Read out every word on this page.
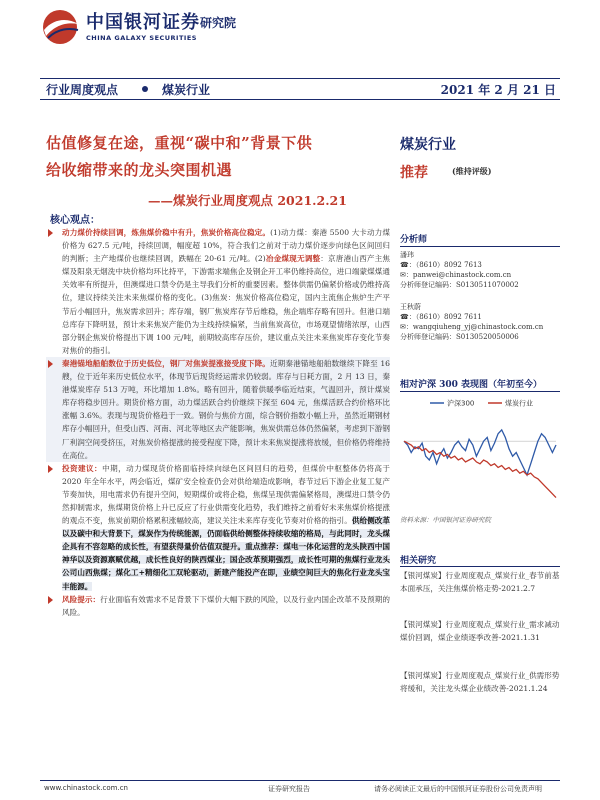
中国银河证券 研究院
CHINA GALAXY SECURITIES
行业周度观点	煤炭行业	2021 年 2 月 21 日
估值修复在途，重视“碳中和”背景下供
给收缩带来的龙头突围机遇
——煤炭行业周度观点 2021.2.21
核心观点：

动力煤价持续回调，炼焦煤价稳中有升，焦炭价格高位稳定。(1)动力煤：秦港 5500 大卡动力煤价格为 627.5 元/吨，持续回调，幅度超 10%，符合我们之前对于动力煤价逐步向绿色区间回归的判断；主产地煤价也继续回调，跌幅在 20-61 元/吨。(2)冶金煤现无调整：京唐港山西产主焦煤及阳泉无烟洗中块价格均环比持平，下游需求端焦企及钢企开工率仍维持高位，进口端蒙煤煤通关效率有所提升，但澳煤进口禁令仍是主导我们分析的重要因素。整体供需仍偏紧价格或仍维持高位，建议持续关注未来焦煤价格的变化。(3)焦炭：焦炭价格高位稳定，国内主流焦企焦炉生产平节后小幅回升，焦炭需求回升；库存端，钢厂焦炭库存节后维稳，焦企端库存略有回升。但港口端总库存下降明显，预计未来焦炭产能仍为主线持续偏紧，当前焦炭高位，市场观望情绪浓厚，山西部分钢企焦炭价格提出下调 100 元/吨，前期较高库存压价，建议重点关注未来焦炭库存变化节奏对焦价的指引。

秦港锚地船舶数位于历史低位，钢厂对焦炭提涨接受度下降。近期秦港锚地船舶数继续下降至 16 艘，位于近年来历史低位水平，体现节后现货经运需求仍较弱。库存与日耗方面，2 月 13 日，秦港煤炭库存 513 万吨，环比增加 1.8%。略有回升，随着供暖季临近结束，气温回升，预计煤炭库存将稳步回升。期货价格方面，动力煤活跃合约价继续下探至 604 元，焦煤活跃合约价格环比涨幅 3.6%。表现与现货价格趋于一致。钢价与焦价方面，综合钢价指数小幅上升，虽然近期钢材库存小幅回升，但受山西、河南、河北等地区去产能影响，焦炭供需总体仍然偏紧，考虑到下游钢厂利润空间受挤压，对焦炭价格提涨的接受程度下降，预计未来焦炭提涨将放缓，但价格仍将维持在高位。

投资建议：中期，动力煤现货价格面临持续向绿色区间回归的趋势，但煤价中枢整体仍将高于 2020 年全年水平，两会临近，煤矿安全检查仍会对供给端造成影响，春节过后下游企业复工复产节奏加快，用电需求仍有提升空间，短期煤价或将企稳，焦煤呈现供需偏紧格局，澳煤进口禁令仍然抑制需求，焦煤期货价格上升已反应了行业供需变化趋势，我们维持之前看好未来焦煤价格提涨的观点不变，焦炭前期价格累积涨幅较高，建议关注未来库存变化节奏对价格的指引。供给侧改革以及碳中和大背景下，煤炭作为传统能源，仍面临供给侧整体持续收缩的格局，与此同时，龙头煤企具有不容忽略的成长性，有望获得量价估值双提升。重点推荐：煤电一体化运营的龙头陕西中国神华以及资源禀赋优越，成长性良好的陕西煤业；国企改革预期强烈，成长性可期的焦煤行业龙头公司山西焦煤；煤化工+精细化工双轮驱动，新建产能投产在即，业绩空间巨大的焦化行业龙头宝丰能源。

风险提示：行业面临有效需求不足背景下下煤价大幅下跌的风险，以及行业内国企改革不及预期的风险。

煤炭行业
推荐	(维持评级)
分析师
潘玮
☎：（8610）8092 7613
✉：panwei@chinastock.com.cn
分析师登记编码：S0130511070002
王秋蔚
☎：（8610）8092 7611
✉：wangqiuheng_yj@chinastock.com.cn
分析师登记编码：S0130520050006
相对沪深 300 表现图（年初至今）
沪深300	煤炭行业
资料来源：中国银河证券研究院
相关研究
【银河煤炭】行业周度观点_煤炭行业_春节前基本面承压，关注焦煤价格走势-2021.2.7
【银河煤炭】行业周度观点_煤炭行业_需求减动煤价回调，煤企业绩逐季改善-2021.1.31
【银河煤炭】行业周度观点_煤炭行业_供需形势将缓和，关注龙头煤企业绩改善-2021.1.24
www.chinastock.com.cn	证券研究报告	请务必阅读正文最后的中国银河证券股份公司免责声明
